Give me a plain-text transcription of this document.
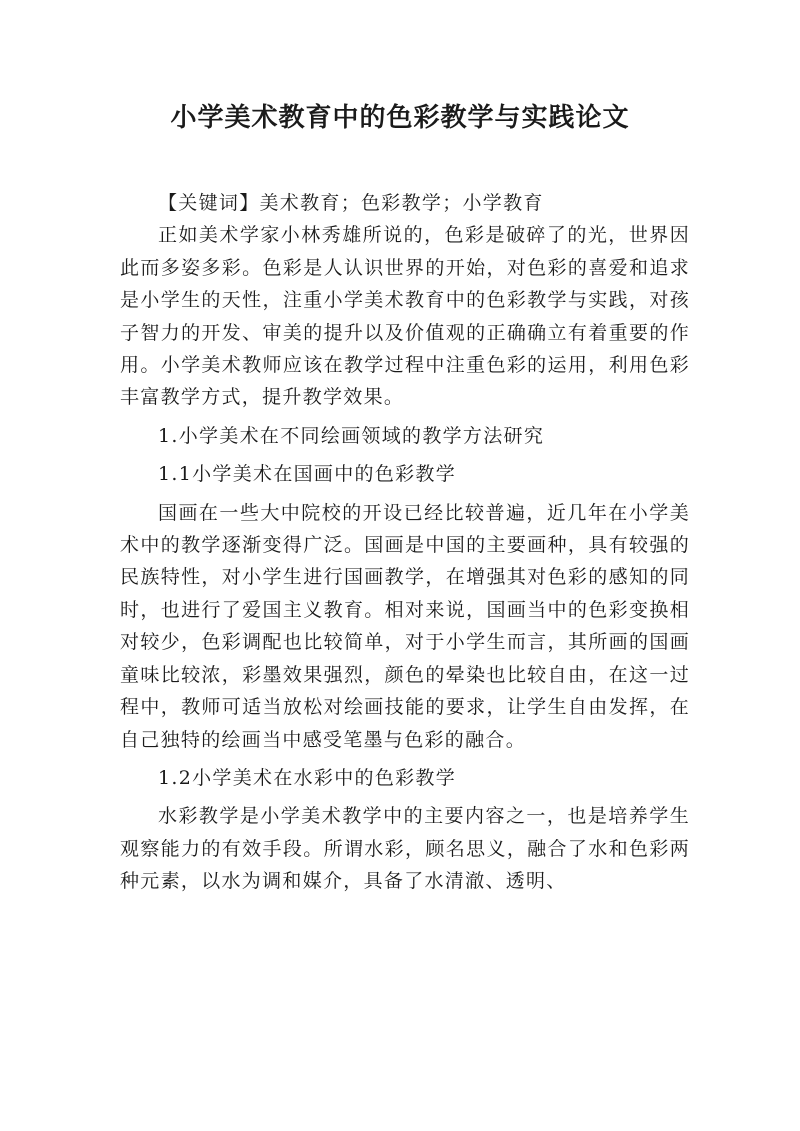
小学美术教育中的色彩教学与实践论文

【关键词】美术教育；色彩教学；小学教育

正如美术学家小林秀雄所说的，色彩是破碎了的光，世界因此而多姿多彩。色彩是人认识世界的开始，对色彩的喜爱和追求是小学生的天性，注重小学美术教育中的色彩教学与实践，对孩子智力的开发、审美的提升以及价值观的正确确立有着重要的作用。小学美术教师应该在教学过程中注重色彩的运用，利用色彩丰富教学方式，提升教学效果。

1.小学美术在不同绘画领域的教学方法研究

1.1小学美术在国画中的色彩教学

国画在一些大中院校的开设已经比较普遍，近几年在小学美术中的教学逐渐变得广泛。国画是中国的主要画种，具有较强的民族特性，对小学生进行国画教学，在增强其对色彩的感知的同时，也进行了爱国主义教育。相对来说，国画当中的色彩变换相对较少，色彩调配也比较简单，对于小学生而言，其所画的国画童味比较浓，彩墨效果强烈，颜色的晕染也比较自由，在这一过程中，教师可适当放松对绘画技能的要求，让学生自由发挥，在自己独特的绘画当中感受笔墨与色彩的融合。

1.2小学美术在水彩中的色彩教学

水彩教学是小学美术教学中的主要内容之一，也是培养学生观察能力的有效手段。所谓水彩，顾名思义，融合了水和色彩两种元素，以水为调和媒介，具备了水清澈、透明、
